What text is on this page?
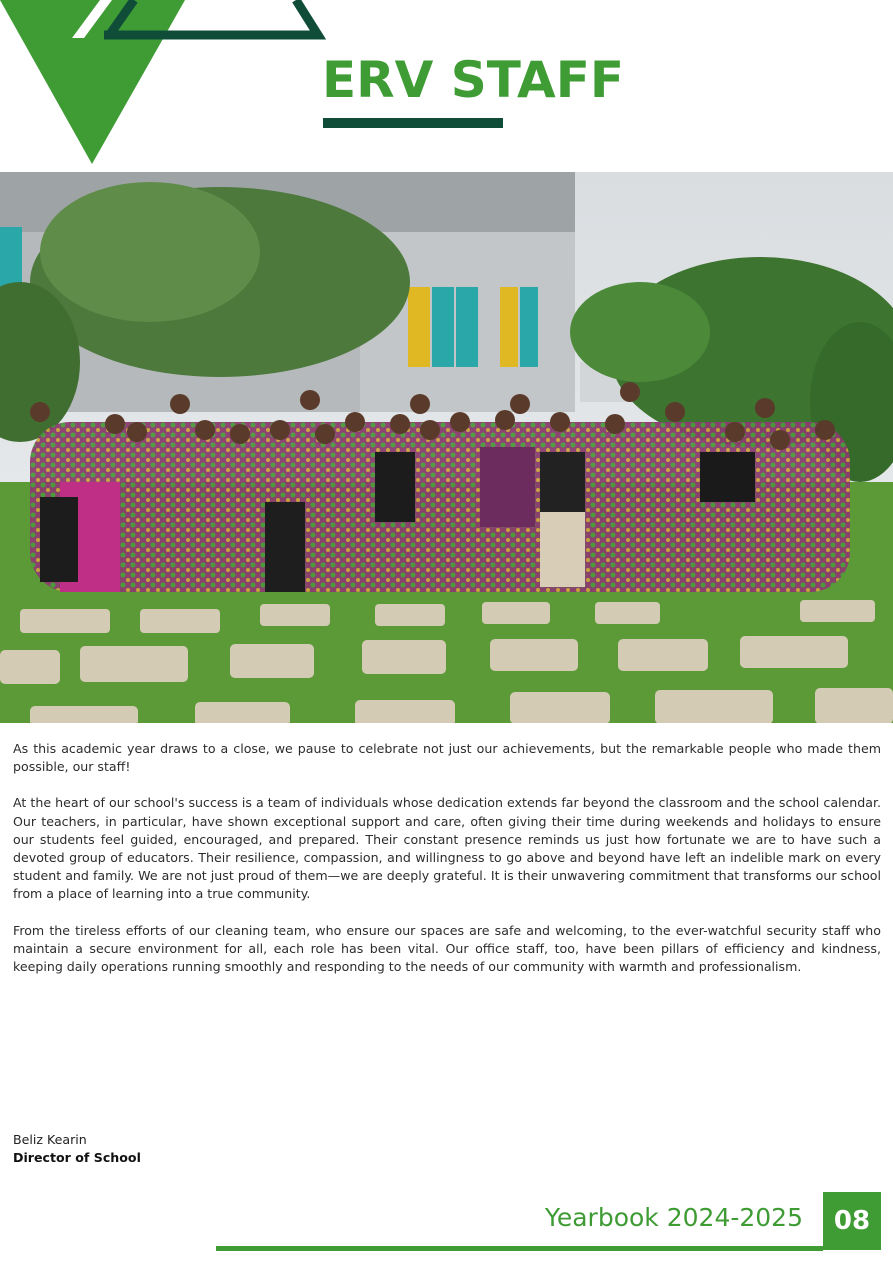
ERV STAFF

As this academic year draws to a close, we pause to celebrate not just our achievements, but the remarkable people who made them possible, our staff!

At the heart of our school's success is a team of individuals whose dedication extends far beyond the classroom and the school calendar. Our teachers, in particular, have shown exceptional support and care, often giving their time during weekends and holidays to ensure our students feel guided, encouraged, and prepared. Their constant presence reminds us just how fortunate we are to have such a devoted group of educators. Their resilience, compassion, and willingness to go above and beyond have left an indelible mark on every student and family. We are not just proud of them—we are deeply grateful. It is their unwavering commitment that transforms our school from a place of learning into a true community.

From the tireless efforts of our cleaning team, who ensure our spaces are safe and welcoming, to the ever-watchful security staff who maintain a secure environment for all, each role has been vital. Our office staff, too, have been pillars of efficiency and kindness, keeping daily operations running smoothly and responding to the needs of our community with warmth and professionalism.

Beliz Kearin
Director of School
Yearbook 2024-2025	08
